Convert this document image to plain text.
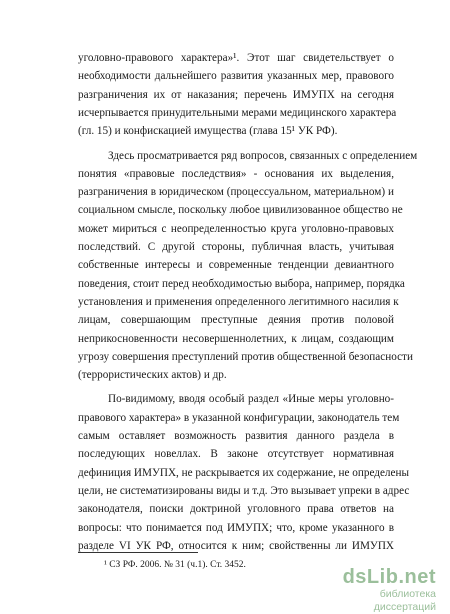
уголовно-правового характера»¹. Этот шаг свидетельствует о
необходимости дальнейшего развития указанных мер, правового
разграничения их от наказания; перечень ИМУПХ на сегодня
исчерпывается принудительными мерами медицинского характера
(гл. 15) и конфискацией имущества (глава 15¹ УК РФ).
Здесь просматривается ряд вопросов, связанных с определением
понятия «правовые последствия» - основания их выделения,
разграничения в юридическом (процессуальном, материальном) и
социальном смысле, поскольку любое цивилизованное общество не
может мириться с неопределенностью круга уголовно-правовых
последствий. С другой стороны, публичная власть, учитывая
собственные интересы и современные тенденции девиантного
поведения, стоит перед необходимостью выбора, например, порядка
установления и применения определенного легитимного насилия к
лицам, совершающим преступные деяния против половой
неприкосновенности несовершеннолетних, к лицам, создающим
угрозу совершения преступлений против общественной безопасности
(террористических актов) и др.
По-видимому, вводя особый раздел «Иные меры уголовно-
правового характера» в указанной конфигурации, законодатель тем
самым оставляет возможность развития данного раздела в
последующих новеллах. В законе отсутствует нормативная
дефиниция ИМУПХ, не раскрывается их содержание, не определены
цели, не систематизированы виды и т.д. Это вызывает упреки в адрес
¹ СЗ РФ. 2006. № 31 (ч.1). Ст. 3452.
dsLib.net
библиотека диссертаций
законодателя, поиски доктриной уголовного права ответов на
вопросы: что понимается под ИМУПХ; что, кроме указанного в
разделе VI УК РФ, относится к ним; свойственны ли ИМУПХ
